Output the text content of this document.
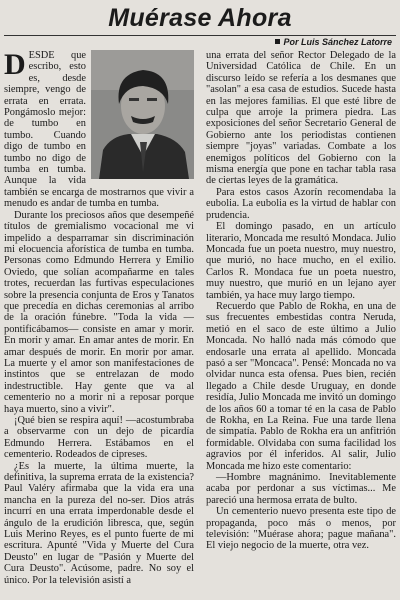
Muérase Ahora
Por Luis Sánchez Latorre
D ESDE que escribo, esto es, desde siempre, vengo de errata en errata. Pongámoslo mejor: de tumbo en tumbo. Cuando digo de tumbo en tumbo no digo de tumba en tumba. Aunque la vida también se encarga de mostrarnos que vivir a menudo es andar de tumba en tumba.

Durante los preciosos años que desempeñé títulos de gremialismo vocacional me vi impelido a desparramar sin discriminación mi elocuencia aforística de tumba en tumba. Personas como Edmundo Herrera y Emilio Oviedo, que solían acompañarme en tales trotes, recuerdan las furtivas especulaciones sobre la presencia conjunta de Eros y Tanatos que precedía en dichas ceremonias al arribo de la oración fúnebre. "Toda la vida —pontificábamos— consiste en amar y morir. En morir y amar. En amar antes de morir. En amar después de morir. En morir por amar. La muerte y el amor son manifestaciones de instintos que se entrelazan de modo indestructible. Hay gente que va al cementerio no a morir ni a reposar porque haya muerto, sino a vivir".

¡Qué bien se respira aquí! —acostumbraba a observarme con un dejo de picardía Edmundo Herrera. Estábamos en el cementerio. Rodeados de cipreses.

¿Es la muerte, la última muerte, la definitiva, la suprema errata de la existencia? Paul Valéry afirmaba que la vida era una mancha en la pureza del no-ser. Dios atrás incurrí en una errata imperdonable desde el ángulo de la erudición libresca, que, según Luis Merino Reyes, es el punto fuerte de mi escritura. Apunté "Vida y Muerte del Cura Deusto" en lugar de "Pasión y Muerte del Cura Deusto". Acúsome, padre. No soy el único. Por la televisión asistí a

una errata del señor Rector Delegado de la Universidad Católica de Chile. En un discurso leído se refería a los desmanes que "asolan" a esa casa de estudios. Sucede hasta en las mejores familias. El que esté libre de culpa que arroje la primera piedra. Las exposiciones del señor Secretario General de Gobierno ante los periodistas contienen siempre "joyas" variadas. Combate a los enemigos políticos del Gobierno con la misma energía que pone en tachar tabla rasa de ciertas leyes de la gramática.

Para estos casos Azorín recomendaba la eubolia. La eubolia es la virtud de hablar con prudencia.

El domingo pasado, en un artículo literario, Moncada me resultó Mondaca. Julio Moncada fue un poeta nuestro, muy nuestro, que murió, no hace mucho, en el exilio. Carlos R. Mondaca fue un poeta nuestro, muy nuestro, que murió en un lejano ayer también, ya hace muy largo tiempo.

Recuerdo que Pablo de Rokha, en una de sus frecuentes embestidas contra Neruda, metió en el saco de este último a Julio Moncada. No halló nada más cómodo que endosarle una errata al apellido. Moncada pasó a ser "Moncaca". Pensé: Moncada no va olvidar nunca esta ofensa. Pues bien, recién llegado a Chile desde Uruguay, en donde residía, Julio Moncada me invitó un domingo de los años 60 a tomar té en la casa de Pablo de Rokha, en La Reina. Fue una tarde llena de simpatía. Pablo de Rokha era un anfitrión formidable. Olvidaba con suma facilidad los agravios por él inferidos. Al salir, Julio Moncada me hizo este comentario:

—Hombre magnánimo. Inevitablemente acaba por perdonar a sus víctimas... Me pareció una hermosa errata de bulto.

Un cementerio nuevo presenta este tipo de propaganda, poco más o menos, por televisión: "Muérase ahora; pague mañana". El viejo negocio de la muerte, otra vez.
